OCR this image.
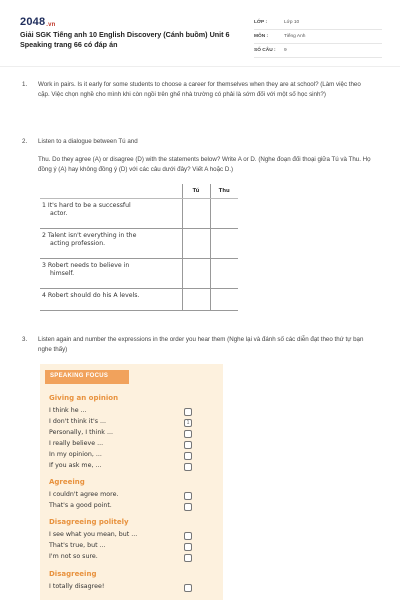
2048.vn
Giải SGK Tiếng anh 10 English Discovery (Cánh buồm) Unit 6 Speaking trang 66 có đáp án
LỚP :	Lớp 10
MÔN :	Tiếng Anh
SỐ CÂU :	9
1. Work in pairs. Is it early for some students to choose a career for themselves when they are at school? (Làm việc theo cặp. Việc chọn nghề cho mình khi còn ngồi trên ghế nhà trường có phải là sớm đối với một số học sinh?)
2. Listen to a dialogue between Tú and
Thu. Do they agree (A) or disagree (D) with the statements below? Write A or D. (Nghe đoạn đối thoại giữa Tú và Thu. Họ đồng ý (A) hay không đồng ý (D) với các câu dưới đây? Viết A hoặc D.)
	Tú	Thu
1 It's hard to be a successful
actor.		

2 Talent isn't everything in the
acting profession.		

3 Robert needs to believe in
himself.		

4 Robert should do his A levels.

3. Listen again and number the expressions in the order you hear them (Nghe lại và đánh số các diễn đạt theo thứ tự bạn nghe thấy)
SPEAKING FOCUS
Giving an opinion
I think he ...
I don't think it's ...	1
Personally, I think ...
I really believe ...
In my opinion, ...
If you ask me, ...
Agreeing
I couldn't agree more.
That's a good point.
Disagreeing politely
I see what you mean, but ...
That's true, but ...
I'm not so sure.
Disagreeing
I totally disagree!
